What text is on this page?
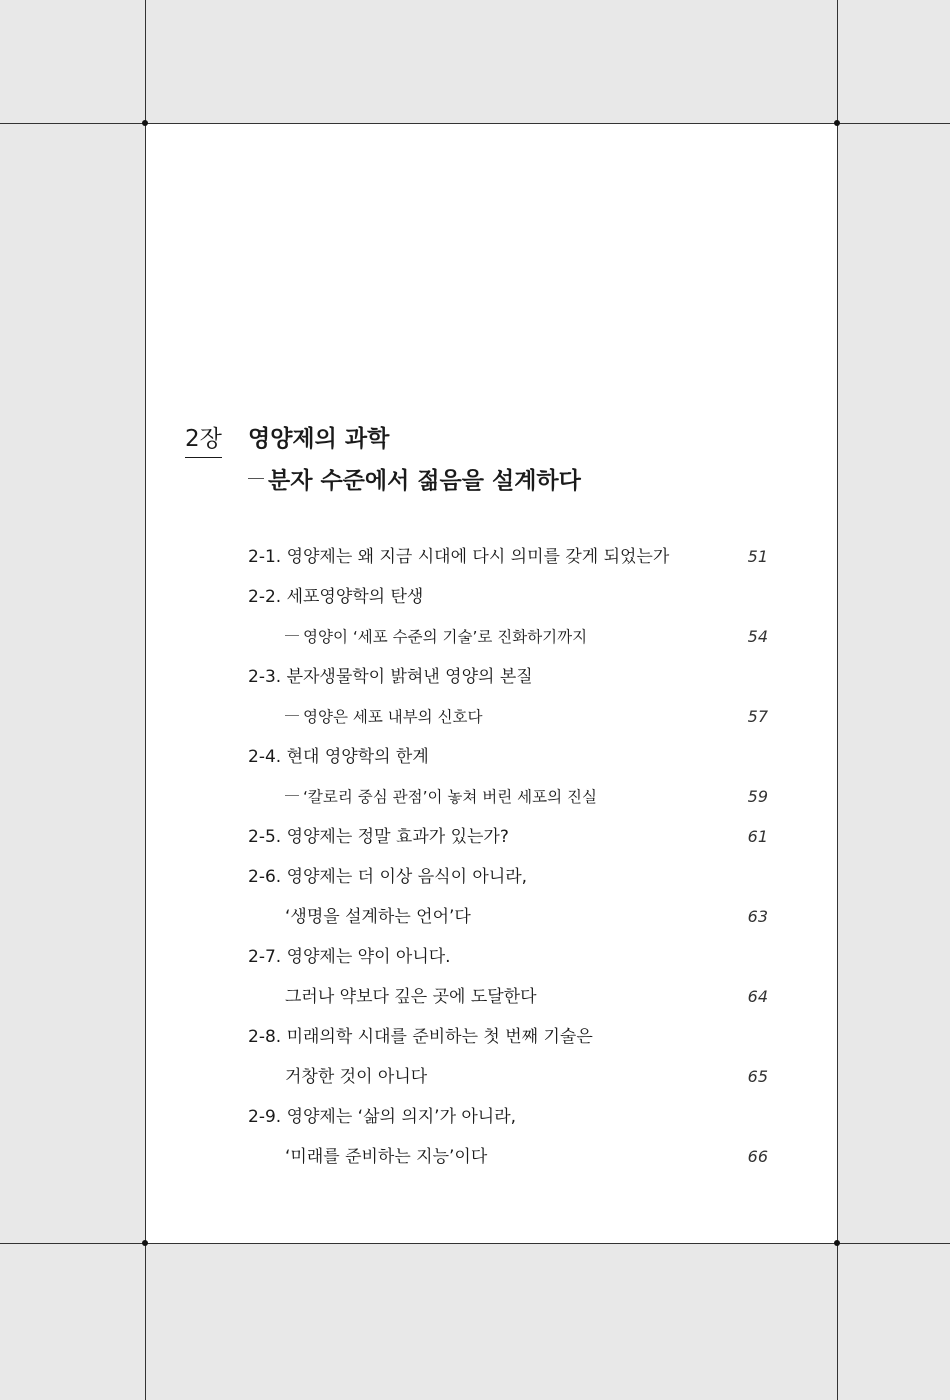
2장 영양제의 과학
분자 수준에서 젊음을 설계하다
2-1. 영양제는 왜 지금 시대에 다시 의미를 갖게 되었는가	51
2-2. 세포영양학의 탄생
영양이 ‘세포 수준의 기술’로 진화하기까지	54
2-3. 분자생물학이 밝혀낸 영양의 본질
영양은 세포 내부의 신호다	57
2-4. 현대 영양학의 한계
‘칼로리 중심 관점’이 놓쳐 버린 세포의 진실	59
2-5. 영양제는 정말 효과가 있는가?	61
2-6. 영양제는 더 이상 음식이 아니라,
‘생명을 설계하는 언어’다	63
2-7. 영양제는 약이 아니다.
그러나 약보다 깊은 곳에 도달한다	64
2-8. 미래의학 시대를 준비하는 첫 번째 기술은
거창한 것이 아니다	65
2-9. 영양제는 ‘삶의 의지’가 아니라,
‘미래를 준비하는 지능’이다	66
